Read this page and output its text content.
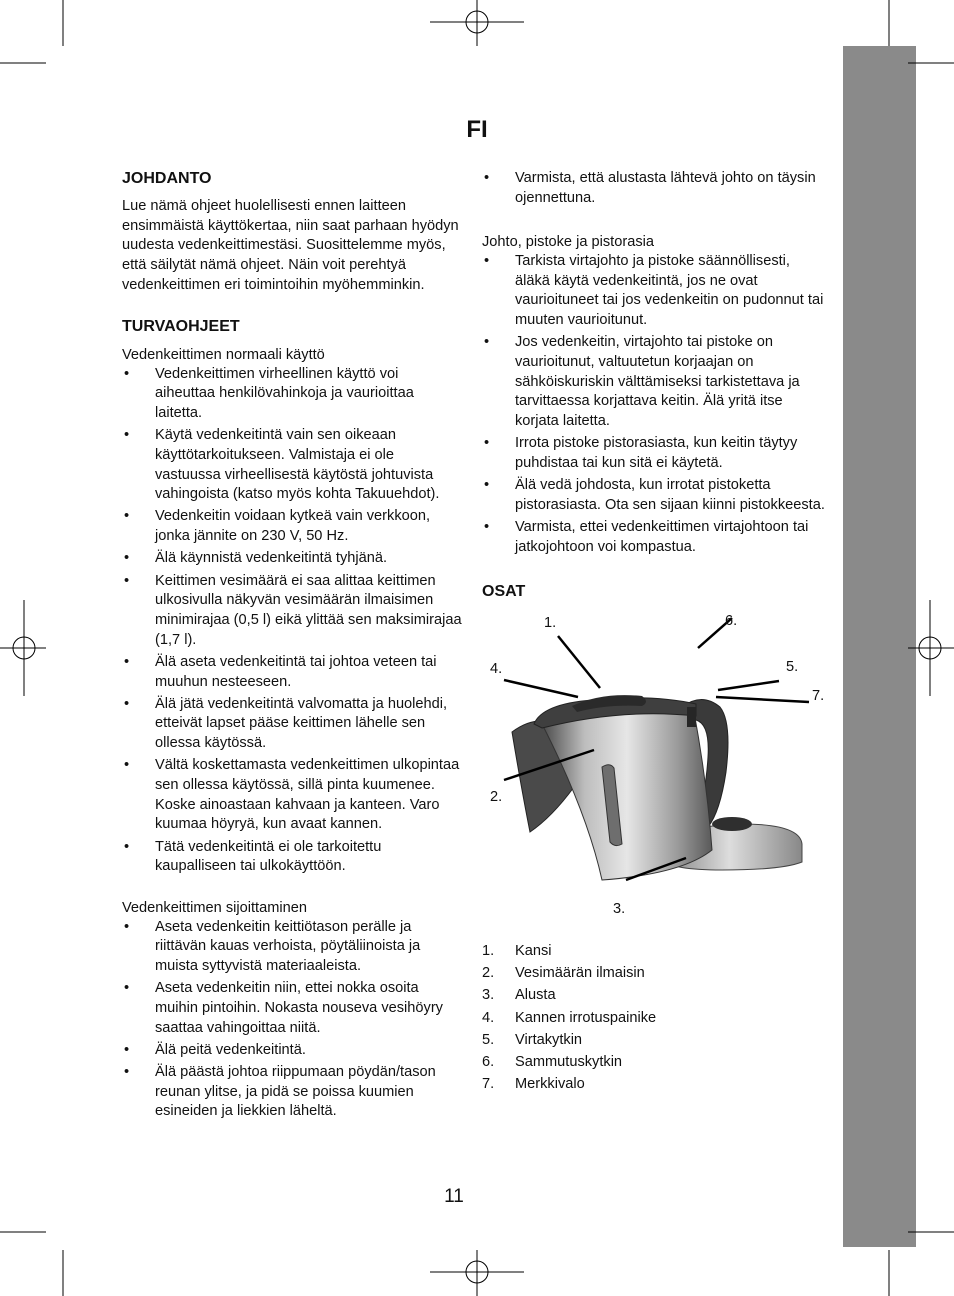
FI
JOHDANTO

Lue nämä ohjeet huolellisesti ennen laitteen ensimmäistä käyttökertaa, niin saat parhaan hyödyn uudesta vedenkeittimestäsi. Suosittelemme myös, että säilytät nämä ohjeet. Näin voit perehtyä vedenkeittimen eri toimintoihin myöhemminkin.

TURVAOHJEET
Vedenkeittimen normaali käyttö
• Vedenkeittimen virheellinen käyttö voi aiheuttaa henkilövahinkoja ja vaurioittaa laitetta.
• Käytä vedenkeitintä vain sen oikeaan käyttötarkoitukseen. Valmistaja ei ole vastuussa virheellisestä käytöstä johtuvista vahingoista (katso myös kohta Takuuehdot).
• Vedenkeitin voidaan kytkeä vain verkkoon, jonka jännite on 230 V, 50 Hz.
• Älä käynnistä vedenkeitintä tyhjänä.
• Keittimen vesimäärä ei saa alittaa keittimen ulkosivulla näkyvän vesimäärän ilmaisimen minimirajaa (0,5 l) eikä ylittää sen maksimirajaa (1,7 l).
• Älä aseta vedenkeitintä tai johtoa veteen tai muuhun nesteeseen.
• Älä jätä vedenkeitintä valvomatta ja huolehdi, etteivät lapset pääse keittimen lähelle sen ollessa käytössä.
• Vältä koskettamasta vedenkeittimen ulkopintaa sen ollessa käytössä, sillä pinta kuumenee. Koske ainoastaan kahvaan ja kanteen. Varo kuumaa höyryä, kun avaat kannen.
• Tätä vedenkeitintä ei ole tarkoitettu kaupalliseen tai ulkokäyttöön.
Vedenkeittimen sijoittaminen
• Aseta vedenkeitin keittiötason perälle ja riittävän kauas verhoista, pöytäliinoista ja muista syttyvistä materiaaleista.
• Aseta vedenkeitin niin, ettei nokka osoita muihin pintoihin. Nokasta nouseva vesihöyry saattaa vahingoittaa niitä.
• Älä peitä vedenkeitintä.
• Älä päästä johtoa riippumaan pöydän/tason reunan ylitse, ja pidä se poissa kuumien esineiden ja liekkien läheltä.
• Varmista, että alustasta lähtevä johto on täysin ojennettuna.
Johto, pistoke ja pistorasia
• Tarkista virtajohto ja pistoke säännöllisesti, äläkä käytä vedenkeitintä, jos ne ovat vaurioituneet tai jos vedenkeitin on pudonnut tai muuten vaurioitunut.
• Jos vedenkeitin, virtajohto tai pistoke on vaurioitunut, valtuutetun korjaajan on sähköiskuriskin välttämiseksi tarkistettava ja tarvittaessa korjattava keitin. Älä yritä itse korjata laitetta.
• Irrota pistoke pistorasiasta, kun keitin täytyy puhdistaa tai kun sitä ei käytetä.
• Älä vedä johdosta, kun irrotat pistoketta pistorasiasta. Ota sen sijaan kiinni pistokkeesta.
• Varmista, ettei vedenkeittimen virtajohtoon tai jatkojohtoon voi kompastua.
OSAT
1.
2.
3.
4.	5.
6.
7.
1.	Kansi
2.	Vesimäärän ilmaisin
3.	Alusta
4.	Kannen irrotuspainike
5.	Virtakytkin
6.	Sammutuskytkin
7.	Merkkivalo
11
